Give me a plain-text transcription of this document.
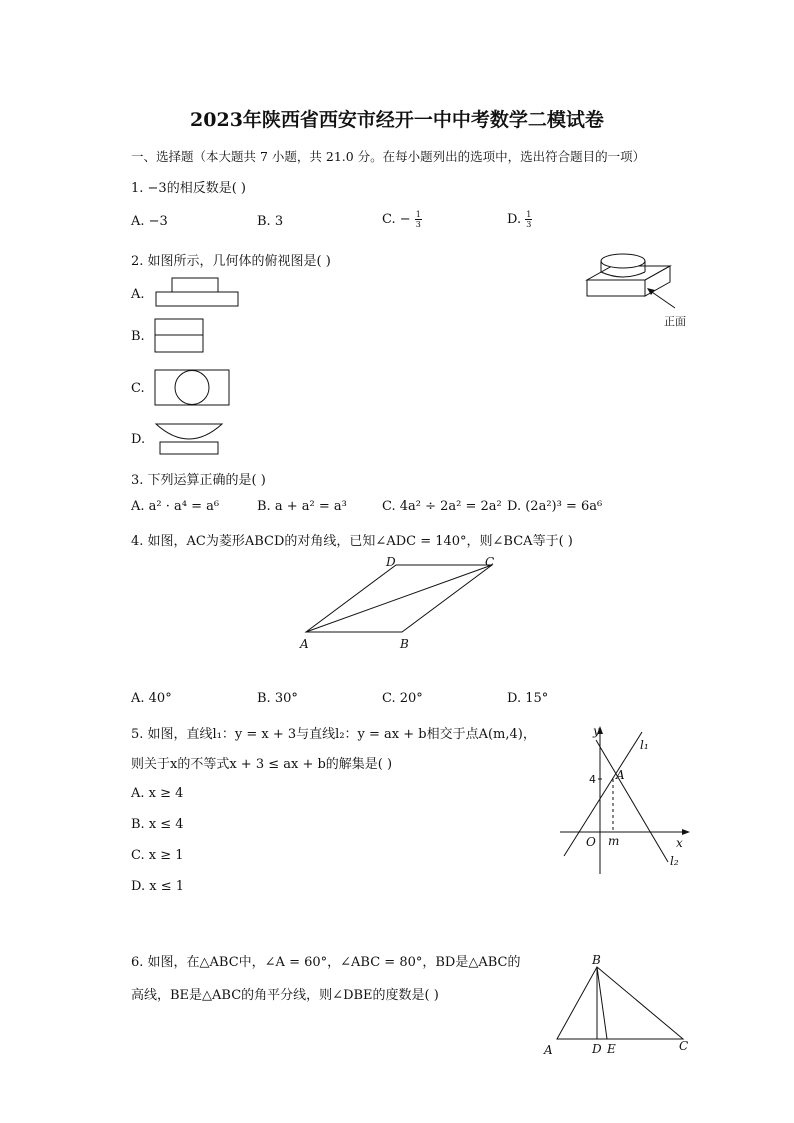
2023年陕西省西安市经开一中中考数学二模试卷
一、选择题（本大题共 7 小题，共 21.0 分。在每小题列出的选项中，选出符合题目的一项）
1. −3的相反数是( )
A. −3	B. 3	C. − $\frac{1}{3}$	D. $\frac{1}{3}$
2. 如图所示，几何体的俯视图是( )
A.
B.
C.
D.
正面
3. 下列运算正确的是( )
A. a² · a⁴ = a⁶	B. a + a² = a³	C. 4a² ÷ 2a² = 2a² D. (2a²)³ = 6a⁶
4. 如图，AC为菱形ABCD的对角线，已知∠ADC = 140°，则∠BCA等于( )
A	B
C
D
A. 40°	B. 30°	C. 20°	D. 15°
5. 如图，直线l₁：y = x + 3与直线l₂：y = ax + b相交于点A(m,4)，
则关于x的不等式x + 3 ≤ ax + b的解集是( )
A. x ≥ 4
B. x ≤ 4
C. x ≥ 1
D. x ≤ 1
y
x
l₁
l₂
A
O m
4
6. 如图，在△ABC中，∠A = 60°，∠ABC = 80°，BD是△ABC的
高线，BE是△ABC的角平分线，则∠DBE的度数是( )
A
B
C
D E
